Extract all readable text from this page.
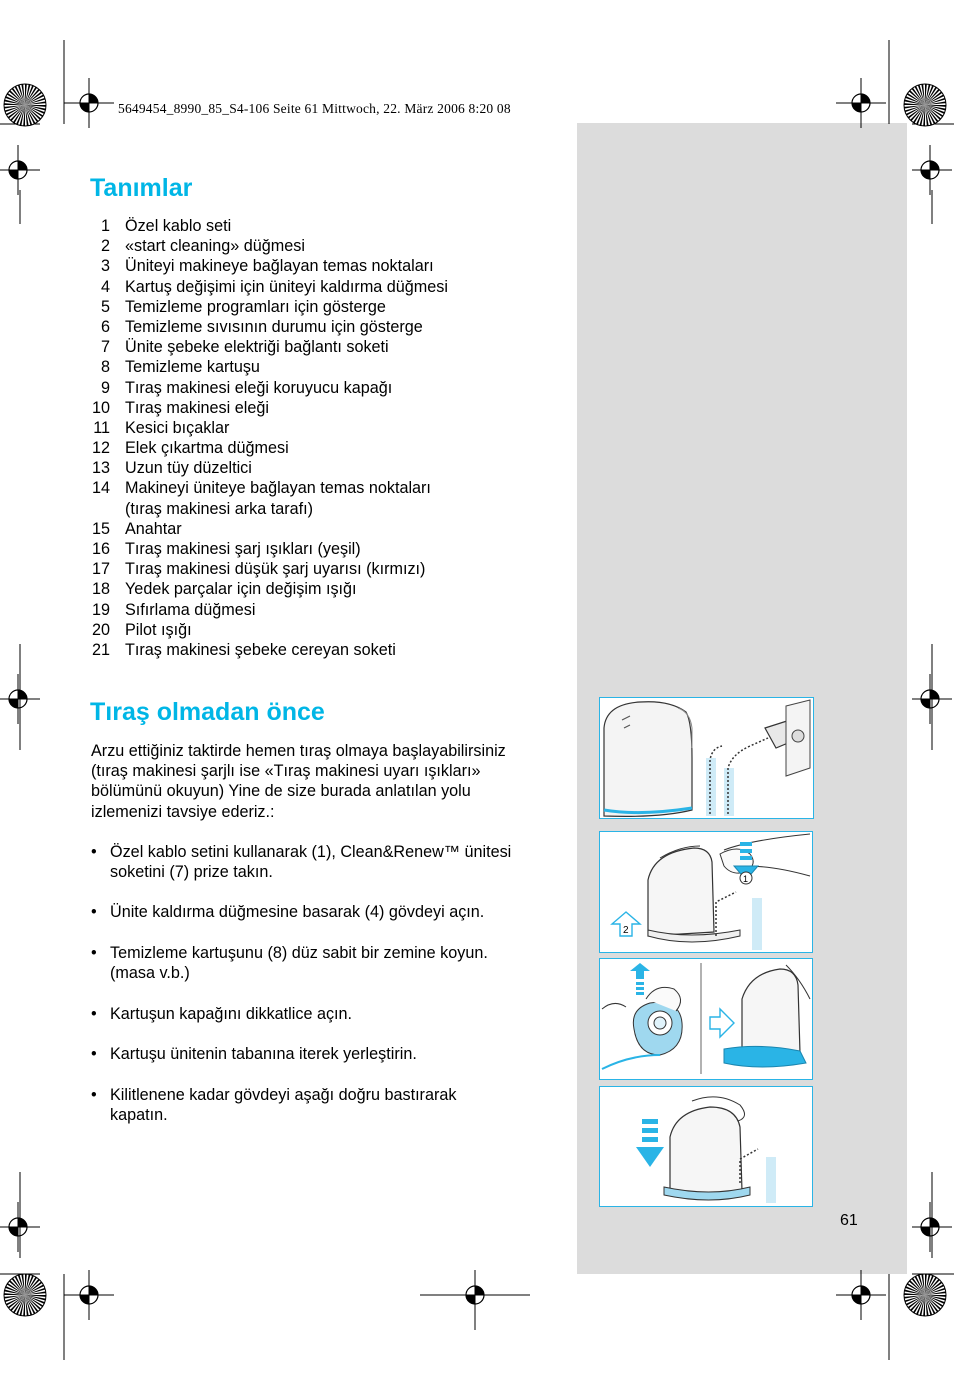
5649454_8990_85_S4-106 Seite 61 Mittwoch, 22. März 2006 8:20 08
Tanımlar
1 Özel kablo seti
2 «start cleaning» düğmesi
3 Üniteyi makineye bağlayan temas noktaları
4 Kartuş değişimi için üniteyi kaldırma düğmesi
5 Temizleme programları için gösterge
6 Temizleme sıvısının durumu için gösterge
7 Ünite şebeke elektriği bağlantı soketi
8 Temizleme kartuşu
9 Tıraş makinesi eleği koruyucu kapağı
10 Tıraş makinesi eleği
11 Kesici bıçaklar
12 Elek çıkartma düğmesi
13 Uzun tüy düzeltici
14 Makineyi üniteye bağlayan temas noktaları
(tıraş makinesi arka tarafı)
15 Anahtar
16 Tıraş makinesi şarj ışıkları (yeşil)
17 Tıraş makinesi düşük şarj uyarısı (kırmızı)
18 Yedek parçalar için değişim ışığı
19 Sıfırlama düğmesi
20 Pilot ışığı
21 Tıraş makinesi şebeke cereyan soketi
Tıraş olmadan önce
Arzu ettiğiniz taktirde hemen tıraş olmaya başlayabilirsiniz
(tıraş makinesi şarjlı ise «Tıraş makinesi uyarı ışıkları»
bölümünü okuyun) Yine de size burada anlatılan yolu
izlemenizi tavsiye ederiz.:
• Özel kablo setini kullanarak (1), Clean&Renew™ ünitesi
soketini (7) prize takın.
• Ünite kaldırma düğmesine basarak (4) gövdeyi açın.
• Temizleme kartuşunu (8) düz sabit bir zemine koyun.
(masa v.b.)
• Kartuşun kapağını dikkatlice açın.
• Kartuşu ünitenin tabanına iterek yerleştirin.
• Kilitlenene kadar gövdeyi aşağı doğru bastırarak
kapatın.
61
1
2
